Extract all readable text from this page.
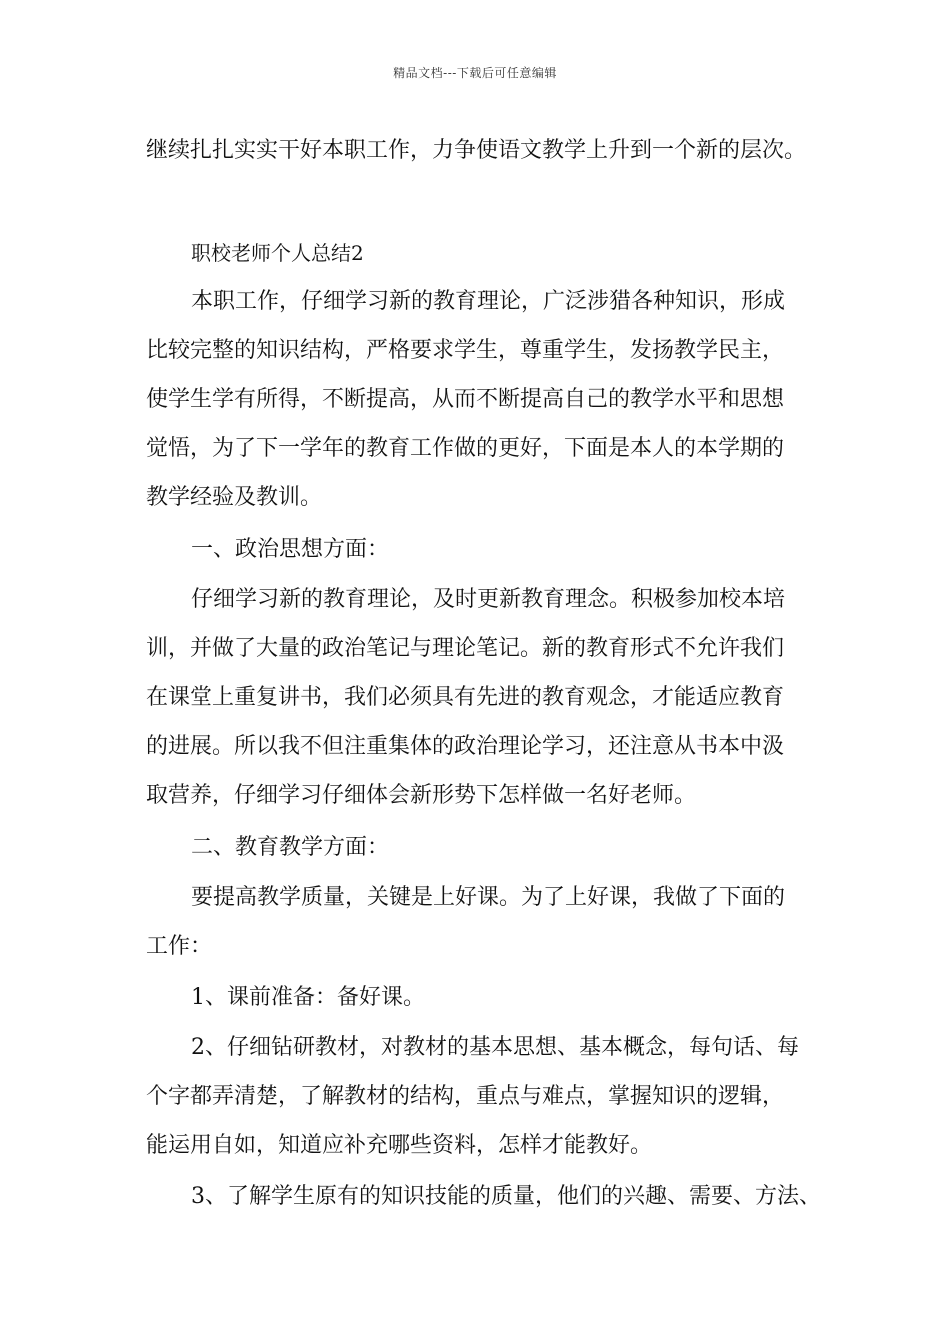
精品文档---下载后可任意编辑
继续扎扎实实干好本职工作，力争使语文教学上升到一个新的层次。
职校老师个人总结2
本职工作，仔细学习新的教育理论，广泛涉猎各种知识，形成
比较完整的知识结构，严格要求学生，尊重学生，发扬教学民主，
使学生学有所得，不断提高，从而不断提高自己的教学水平和思想
觉悟，为了下一学年的教育工作做的更好，下面是本人的本学期的
教学经验及教训。
一、政治思想方面：
仔细学习新的教育理论，及时更新教育理念。积极参加校本培
训，并做了大量的政治笔记与理论笔记。新的教育形式不允许我们
在课堂上重复讲书，我们必须具有先进的教育观念，才能适应教育
的进展。所以我不但注重集体的政治理论学习，还注意从书本中汲
取营养，仔细学习仔细体会新形势下怎样做一名好老师。
二、教育教学方面：
要提高教学质量，关键是上好课。为了上好课，我做了下面的
工作：
1、课前准备：备好课。
2、仔细钻研教材，对教材的基本思想、基本概念，每句话、每
个字都弄清楚，了解教材的结构，重点与难点，掌握知识的逻辑，
能运用自如，知道应补充哪些资料，怎样才能教好。
3、了解学生原有的知识技能的质量，他们的兴趣、需要、方法、
